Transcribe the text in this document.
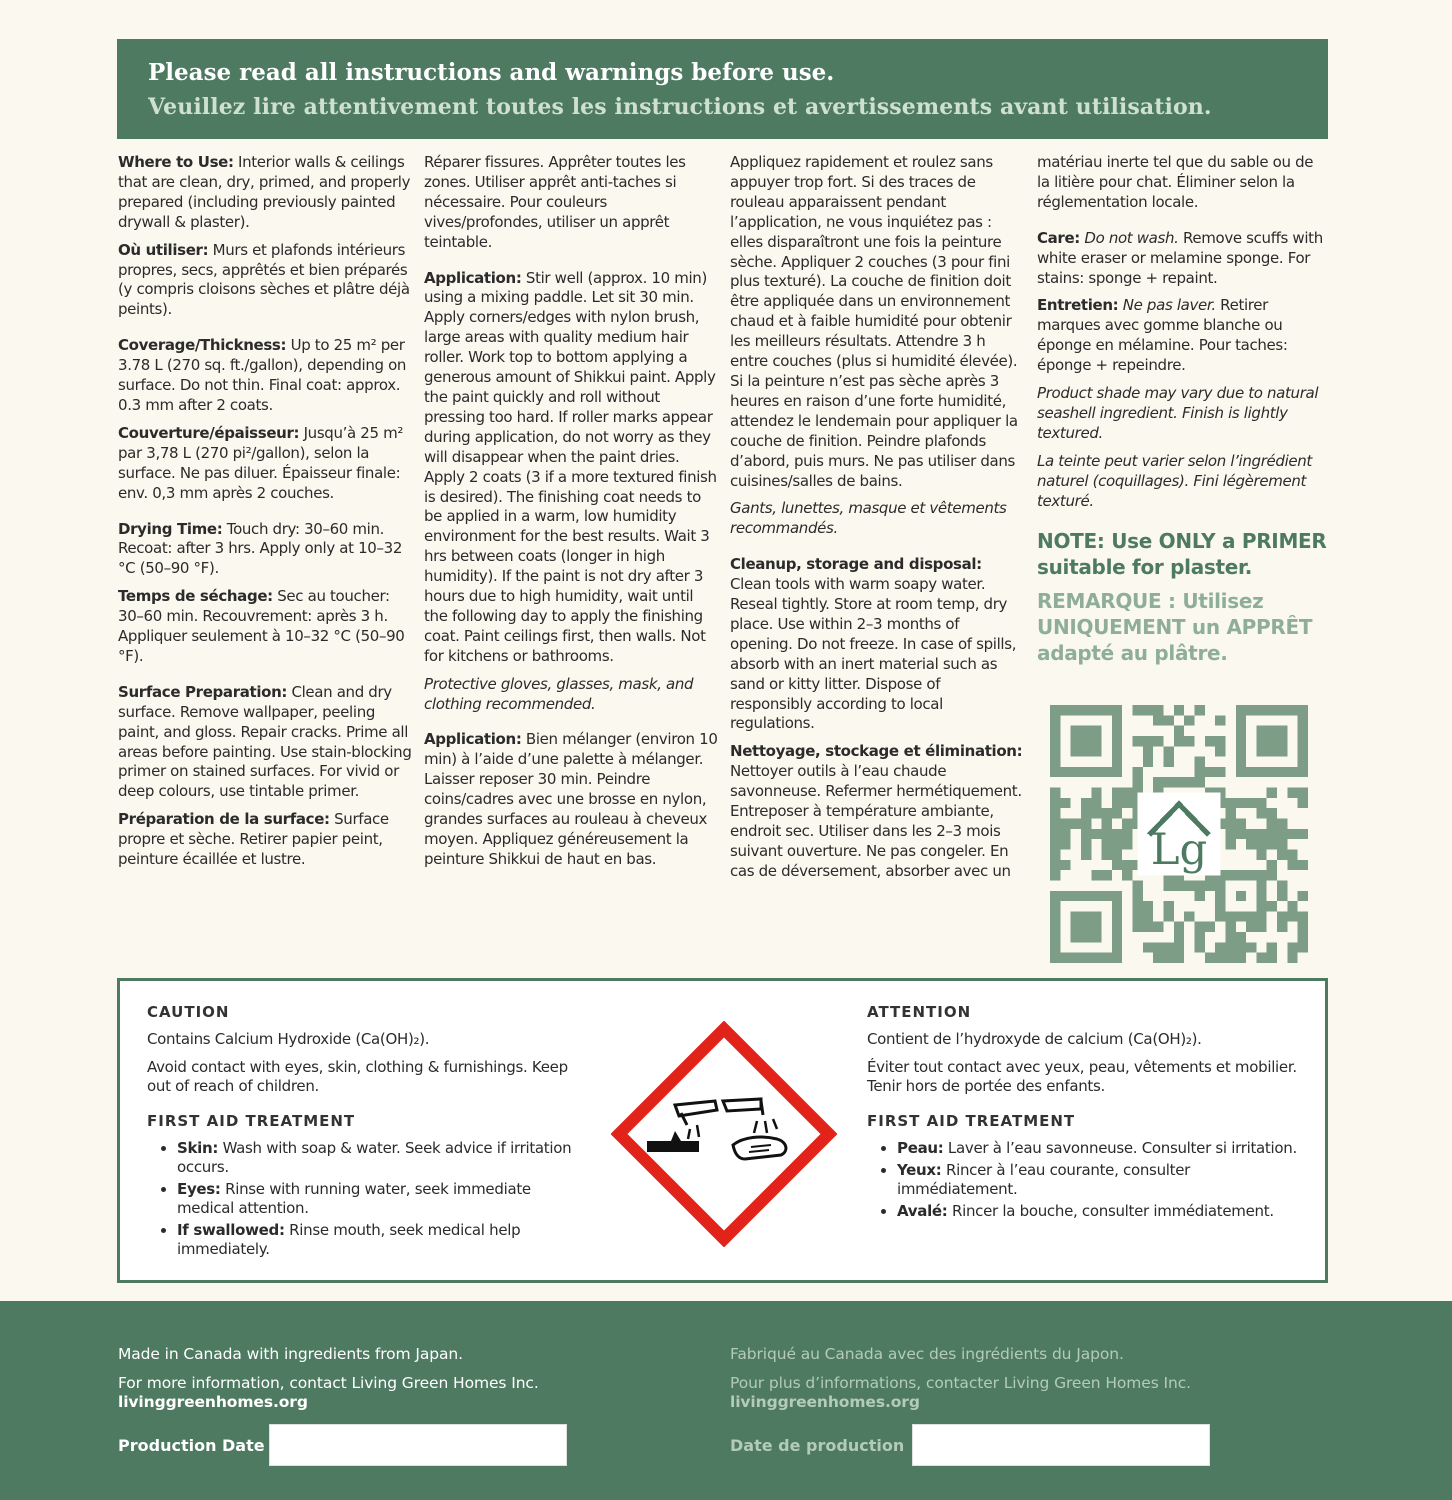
Please read all instructions and warnings before use.
Veuillez lire attentivement toutes les instructions et avertissements avant utilisation.

Where to Use: Interior walls & ceilings that are clean, dry, primed, and properly prepared (including previously painted drywall & plaster).

Où utiliser: Murs et plafonds intérieurs propres, secs, apprêtés et bien préparés (y compris cloisons sèches et plâtre déjà peints).

Coverage/Thickness: Up to 25 m² per 3.78 L (270 sq. ft./gallon), depending on surface. Do not thin. Final coat: approx. 0.3 mm after 2 coats.

Couverture/épaisseur: Jusqu’à 25 m² par 3,78 L (270 pi²/gallon), selon la surface. Ne pas diluer. Épaisseur finale: env. 0,3 mm après 2 couches.

Drying Time: Touch dry: 30–60 min. Recoat: after 3 hrs. Apply only at 10–32 °C (50–90 °F).

Temps de séchage: Sec au toucher: 30–60 min. Recouvrement: après 3 h. Appliquer seulement à 10–32 °C (50–90 °F).

Surface Preparation: Clean and dry surface. Remove wallpaper, peeling paint, and gloss. Repair cracks. Prime all areas before painting. Use stain-blocking primer on stained surfaces. For vivid or deep colours, use tintable primer.

Préparation de la surface: Surface propre et sèche. Retirer papier peint, peinture écaillée et lustre.

Réparer fissures. Apprêter toutes les zones. Utiliser apprêt anti-taches si nécessaire. Pour couleurs vives/profondes, utiliser un apprêt teintable.

Application: Stir well (approx. 10 min) using a mixing paddle. Let sit 30 min. Apply corners/edges with nylon brush, large areas with quality medium hair roller. Work top to bottom applying a generous amount of Shikkui paint. Apply the paint quickly and roll without pressing too hard. If roller marks appear during application, do not worry as they will disappear when the paint dries. Apply 2 coats (3 if a more textured finish is desired). The finishing coat needs to be applied in a warm, low humidity environment for the best results. Wait 3 hrs between coats (longer in high humidity). If the paint is not dry after 3 hours due to high humidity, wait until the following day to apply the finishing coat. Paint ceilings first, then walls. Not for kitchens or bathrooms.

Protective gloves, glasses, mask, and clothing recommended.

Application: Bien mélanger (environ 10 min) à l’aide d’une palette à mélanger. Laisser reposer 30 min. Peindre coins/cadres avec une brosse en nylon, grandes surfaces au rouleau à cheveux moyen. Appliquez généreusement la peinture Shikkui de haut en bas.

Appliquez rapidement et roulez sans appuyer trop fort. Si des traces de rouleau apparaissent pendant l’application, ne vous inquiétez pas : elles disparaîtront une fois la peinture sèche. Appliquer 2 couches (3 pour fini plus texturé). La couche de finition doit être appliquée dans un environnement chaud et à faible humidité pour obtenir les meilleurs résultats. Attendre 3 h entre couches (plus si humidité élevée). Si la peinture n’est pas sèche après 3 heures en raison d’une forte humidité, attendez le lendemain pour appliquer la couche de finition. Peindre plafonds d’abord, puis murs. Ne pas utiliser dans cuisines/salles de bains.

Gants, lunettes, masque et vêtements recommandés.

Cleanup, storage and disposal: Clean tools with warm soapy water. Reseal tightly. Store at room temp, dry place. Use within 2–3 months of opening. Do not freeze. In case of spills, absorb with an inert material such as sand or kitty litter. Dispose of responsibly according to local regulations.

Nettoyage, stockage et élimination: Nettoyer outils à l’eau chaude savonneuse. Refermer hermétiquement. Entreposer à température ambiante, endroit sec. Utiliser dans les 2–3 mois suivant ouverture. Ne pas congeler. En cas de déversement, absorber avec un

matériau inerte tel que du sable ou de la litière pour chat. Éliminer selon la réglementation locale.

Care: Do not wash. Remove scuffs with white eraser or melamine sponge. For stains: sponge + repaint.

Entretien: Ne pas laver. Retirer marques avec gomme blanche ou éponge en mélamine. Pour taches: éponge + repeindre.

Product shade may vary due to natural seashell ingredient. Finish is lightly textured.

La teinte peut varier selon l’ingrédient naturel (coquillages). Fini légèrement texturé.

NOTE: Use ONLY a PRIMER suitable for plaster.

REMARQUE : Utilisez UNIQUEMENT un APPRÊT adapté au plâtre.

Lg
CAUTION

Contains Calcium Hydroxide (Ca(OH)₂).

Avoid contact with eyes, skin, clothing & furnishings. Keep out of reach of children.

FIRST AID TREATMENT
• Skin: Wash with soap & water. Seek advice if irritation occurs.
• Eyes: Rinse with running water, seek immediate medical attention.
• If swallowed: Rinse mouth, seek medical help immediately.
ATTENTION

Contient de l’hydroxyde de calcium (Ca(OH)₂).

Éviter tout contact avec yeux, peau, vêtements et mobilier. Tenir hors de portée des enfants.

FIRST AID TREATMENT
• Peau: Laver à l’eau savonneuse. Consulter si irritation.
• Yeux: Rincer à l’eau courante, consulter immédiatement.
• Avalé: Rincer la bouche, consulter immédiatement.

Made in Canada with ingredients from Japan.

For more information, contact Living Green Homes Inc.
livinggreenhomes.org

Fabriqué au Canada avec des ingrédients du Japon.

Pour plus d’informations, contacter Living Green Homes Inc.
livinggreenhomes.org
Production Date	Date de production
